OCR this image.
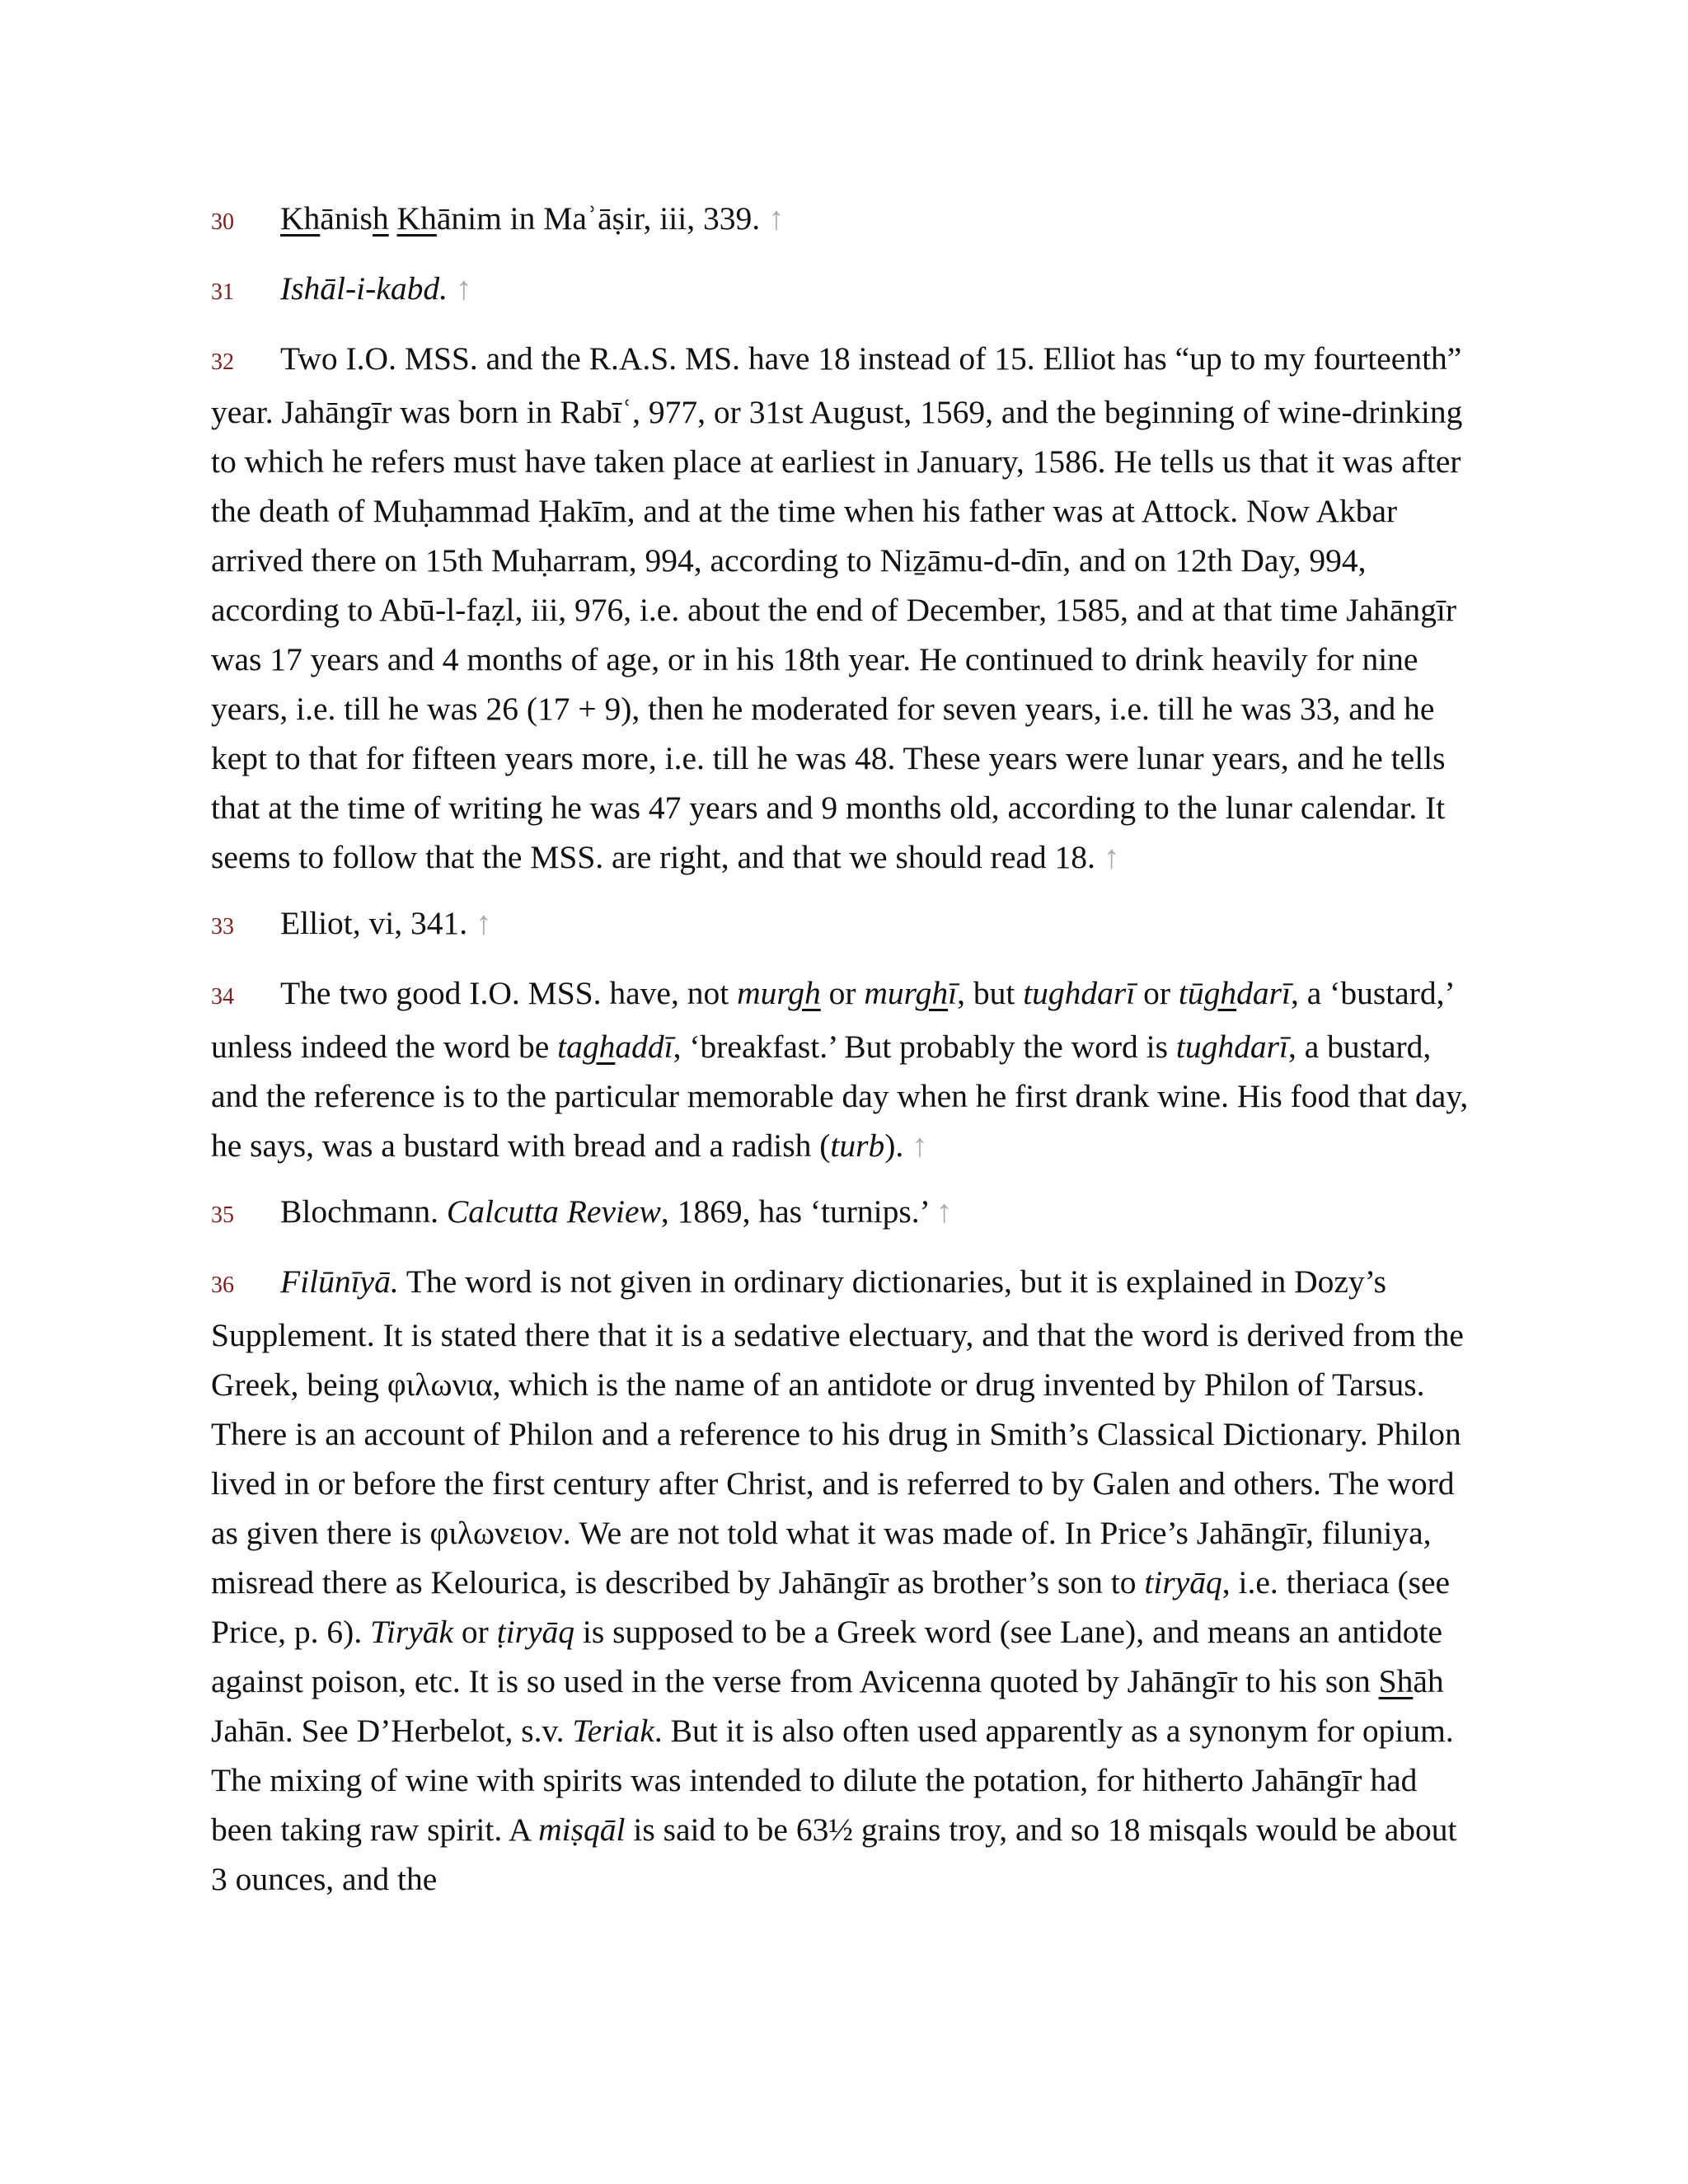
30 Khānish Khānim in Maʾāṣir, iii, 339. ↑

31 Ishāl-i-kabd. ↑

32 Two I.O. MSS. and the R.A.S. MS. have 18 instead of 15. Elliot has “up to my fourteenth” year. Jahāngīr was born in Rabīʿ, 977, or 31st August, 1569, and the beginning of wine-drinking to which he refers must have taken place at earliest in January, 1586. He tells us that it was after the death of Muḥammad Ḥakīm, and at the time when his father was at Attock. Now Akbar arrived there on 15th Muḥarram, 994, according to Niẕāmu-d-dīn, and on 12th Day, 994, according to Abū-l-faẓl, iii, 976, i.e. about the end of December, 1585, and at that time Jahāngīr was 17 years and 4 months of age, or in his 18th year. He continued to drink heavily for nine years, i.e. till he was 26 (17 + 9), then he moderated for seven years, i.e. till he was 33, and he kept to that for fifteen years more, i.e. till he was 48. These years were lunar years, and he tells that at the time of writing he was 47 years and 9 months old, according to the lunar calendar. It seems to follow that the MSS. are right, and that we should read 18. ↑

33 Elliot, vi, 341. ↑

34 The two good I.O. MSS. have, not murgh or murghī, but tughdarī or tūghdarī, a ‘bustard,’ unless indeed the word be taghaddī, ‘breakfast.’ But probably the word is tughdarī, a bustard, and the reference is to the particular memorable day when he first drank wine. His food that day, he says, was a bustard with bread and a radish (turb). ↑

35 Blochmann. Calcutta Review, 1869, has ‘turnips.’ ↑

36 Filūnīyā. The word is not given in ordinary dictionaries, but it is explained in Dozy’s Supplement. It is stated there that it is a sedative electuary, and that the word is derived from the Greek, being φιλωνια, which is the name of an antidote or drug invented by Philon of Tarsus. There is an account of Philon and a reference to his drug in Smith’s Classical Dictionary. Philon lived in or before the first century after Christ, and is referred to by Galen and others. The word as given there is φιλωνειον. We are not told what it was made of. In Price’s Jahāngīr, filuniya, misread there as Kelourica, is described by Jahāngīr as brother’s son to tiryāq, i.e. theriaca (see Price, p. 6). Tiryāk or ṭiryāq is supposed to be a Greek word (see Lane), and means an antidote against poison, etc. It is so used in the verse from Avicenna quoted by Jahāngīr to his son Shāh Jahān. See D’Herbelot, s.v. Teriak. But it is also often used apparently as a synonym for opium. The mixing of wine with spirits was intended to dilute the potation, for hitherto Jahāngīr had been taking raw spirit. A miṣqāl is said to be 63½ grains troy, and so 18 misqals would be about 3 ounces, and the
